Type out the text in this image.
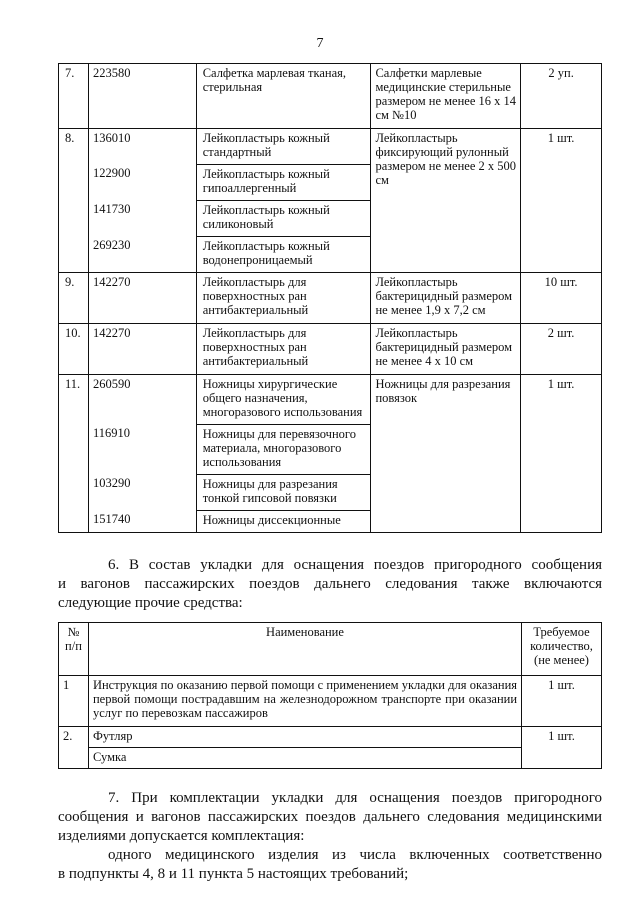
7
7.	223580	Салфетка марлевая тканая, стерильная	Салфетки марлевые медицинские стерильные размером не менее 16 х 14 см №10	2 уп.
8.	136010	Лейкопластырь кожный стандартный	Лейкопластырь фиксирующий рулонный размером не менее 2 х 500 см	1 шт.
	122900	Лейкопластырь кожный гипоаллергенный		
	141730	Лейкопластырь кожный силиконовый		
	269230	Лейкопластырь кожный водонепроницаемый		
9.	142270	Лейкопластырь для поверхностных ран антибактериальный	Лейкопластырь бактерицидный размером не менее 1,9 х 7,2 см	10 шт.
10.	142270	Лейкопластырь для поверхностных ран антибактериальный	Лейкопластырь бактерицидный размером не менее 4 х 10 см	2 шт.
11.	260590	Ножницы хирургические общего назначения, многоразового использования	Ножницы для разрезания повязок	1 шт.
	116910	Ножницы для перевязочного материала, многоразового использования		
	103290	Ножницы для разрезания тонкой гипсовой повязки		
	151740	Ножницы диссекционные		
6. В состав укладки для оснащения поездов пригородного сообщения
и вагонов пассажирских поездов дальнего следования также включаются
следующие прочие средства:
№ п/п	Наименование	Требуемое количество, (не менее)
1	Инструкция по оказанию первой помощи с применением укладки для оказания первой помощи пострадавшим на железнодорожном транспорте при оказании услуг по перевозкам пассажиров	1 шт.
2.	Футляр	1 шт.
	Сумка	
7. При комплектации укладки для оснащения поездов пригородного
сообщения и вагонов пассажирских поездов дальнего следования медицинскими
изделиями допускается комплектация:
одного медицинского изделия из числа включенных соответственно
в подпункты 4, 8 и 11 пункта 5 настоящих требований;
